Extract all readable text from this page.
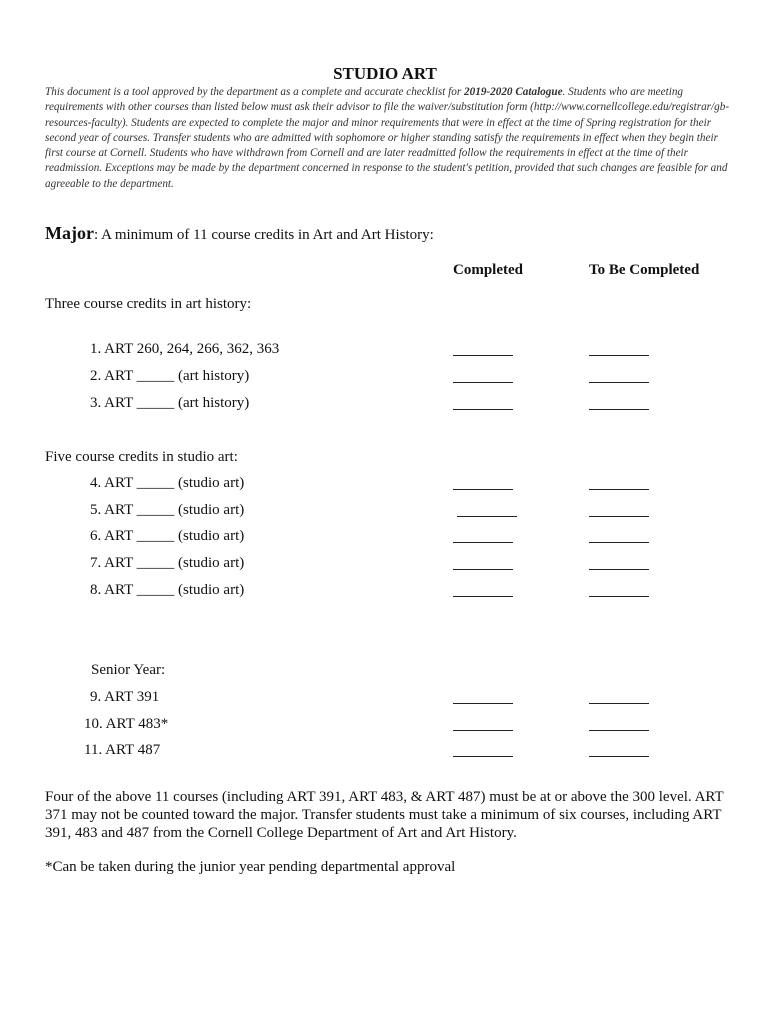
STUDIO ART
This document is a tool approved by the department as a complete and accurate checklist for 2019-2020 Catalogue. Students who are meeting requirements with other courses than listed below must ask their advisor to file the waiver/substitution form (http://www.cornellcollege.edu/registrar/gb-resources-faculty). Students are expected to complete the major and minor requirements that were in effect at the time of Spring registration for their second year of courses. Transfer students who are admitted with sophomore or higher standing satisfy the requirements in effect when they begin their first course at Cornell. Students who have withdrawn from Cornell and are later readmitted follow the requirements in effect at the time of their readmission. Exceptions may be made by the department concerned in response to the student's petition, provided that such changes are feasible for and agreeable to the department.
Major: A minimum of 11 course credits in Art and Art History:
Completed	To Be Completed
Three course credits in art history:
Five course credits in studio art:
Senior Year:
1. ART 260, 264, 266, 362, 363
2. ART _____ (art history)
3. ART _____ (art history)
4. ART _____ (studio art)
5. ART _____ (studio art)
6. ART _____ (studio art)
7. ART _____ (studio art)
8. ART _____ (studio art)
9. ART 391
10. ART 483*
11. ART 487
Four of the above 11 courses (including ART 391, ART 483, & ART 487) must be at or above the 300 level. ART 371 may not be counted toward the major. Transfer students must take a minimum of six courses, including ART 391, 483 and 487 from the Cornell College Department of Art and Art History.
*Can be taken during the junior year pending departmental approval
